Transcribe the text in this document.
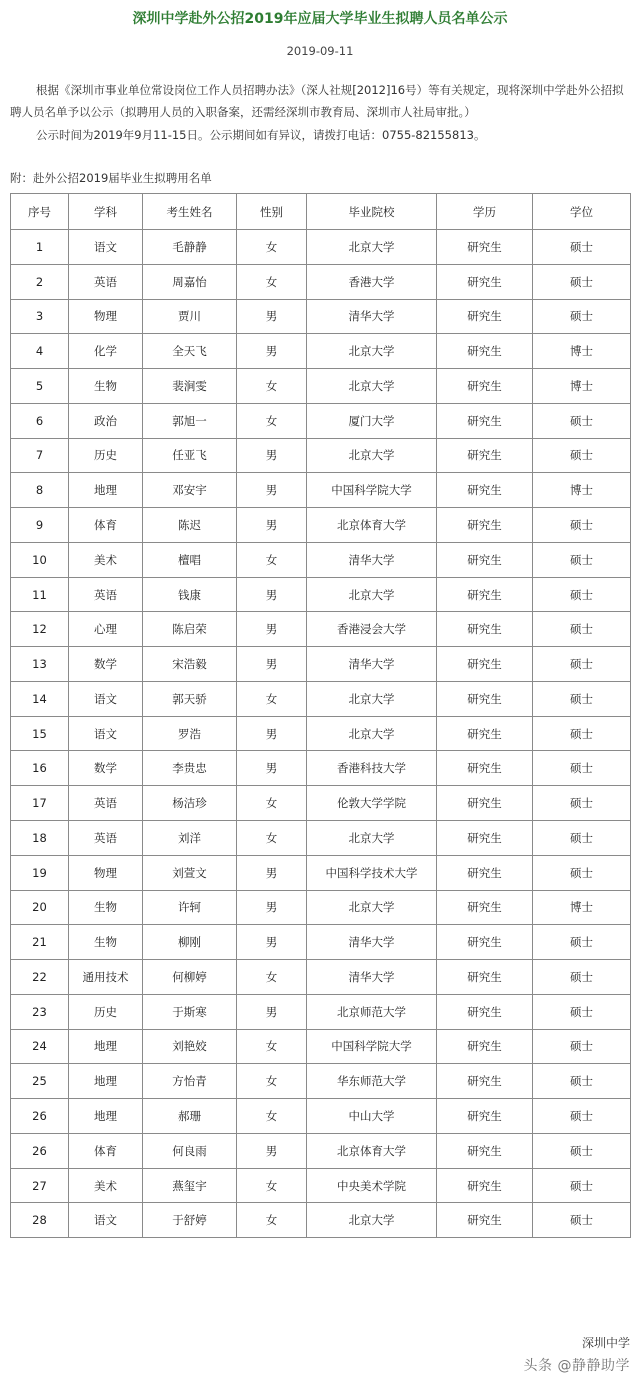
深圳中学赴外公招2019年应届大学毕业生拟聘人员名单公示
2019-09-11
根据《深圳市事业单位常设岗位工作人员招聘办法》（深人社规[2012]16号）等有关规定，现将深圳中学赴外公招拟聘人员名单予以公示（拟聘用人员的入职备案，还需经深圳市教育局、深圳市人社局审批。）
公示时间为2019年9月11-15日。公示期间如有异议，请拨打电话：0755-82155813。
附：赴外公招2019届毕业生拟聘用名单
序号	学科	考生姓名	性别	毕业院校	学历	学位
1	语文	毛静静	女	北京大学	研究生	硕士
2	英语	周嘉怡	女	香港大学	研究生	硕士
3	物理	贾川	男	清华大学	研究生	硕士
4	化学	全天飞	男	北京大学	研究生	博士
5	生物	裴涧雯	女	北京大学	研究生	博士
6	政治	郭旭一	女	厦门大学	研究生	硕士
7	历史	任亚飞	男	北京大学	研究生	硕士
8	地理	邓安宇	男	中国科学院大学	研究生	博士
9	体育	陈迟	男	北京体育大学	研究生	硕士
10	美术	檀唱	女	清华大学	研究生	硕士
11	英语	钱康	男	北京大学	研究生	硕士
12	心理	陈启荣	男	香港浸会大学	研究生	硕士
13	数学	宋浩毅	男	清华大学	研究生	硕士
14	语文	郭天骄	女	北京大学	研究生	硕士
15	语文	罗浩	男	北京大学	研究生	硕士
16	数学	李贵忠	男	香港科技大学	研究生	硕士
17	英语	杨洁珍	女	伦敦大学学院	研究生	硕士
18	英语	刘洋	女	北京大学	研究生	硕士
19	物理	刘萱文	男	中国科学技术大学	研究生	硕士
20	生物	许轲	男	北京大学	研究生	博士
21	生物	柳刚	男	清华大学	研究生	硕士
22	通用技术	何柳婷	女	清华大学	研究生	硕士
23	历史	于斯寒	男	北京师范大学	研究生	硕士
24	地理	刘艳姣	女	中国科学院大学	研究生	硕士
25	地理	方怡青	女	华东师范大学	研究生	硕士
26	地理	郝珊	女	中山大学	研究生	硕士
26	体育	何良雨	男	北京体育大学	研究生	硕士
27	美术	燕玺宇	女	中央美术学院	研究生	硕士
28	语文	于舒婷	女	北京大学	研究生	硕士
深圳中学
头条 @静静助学
